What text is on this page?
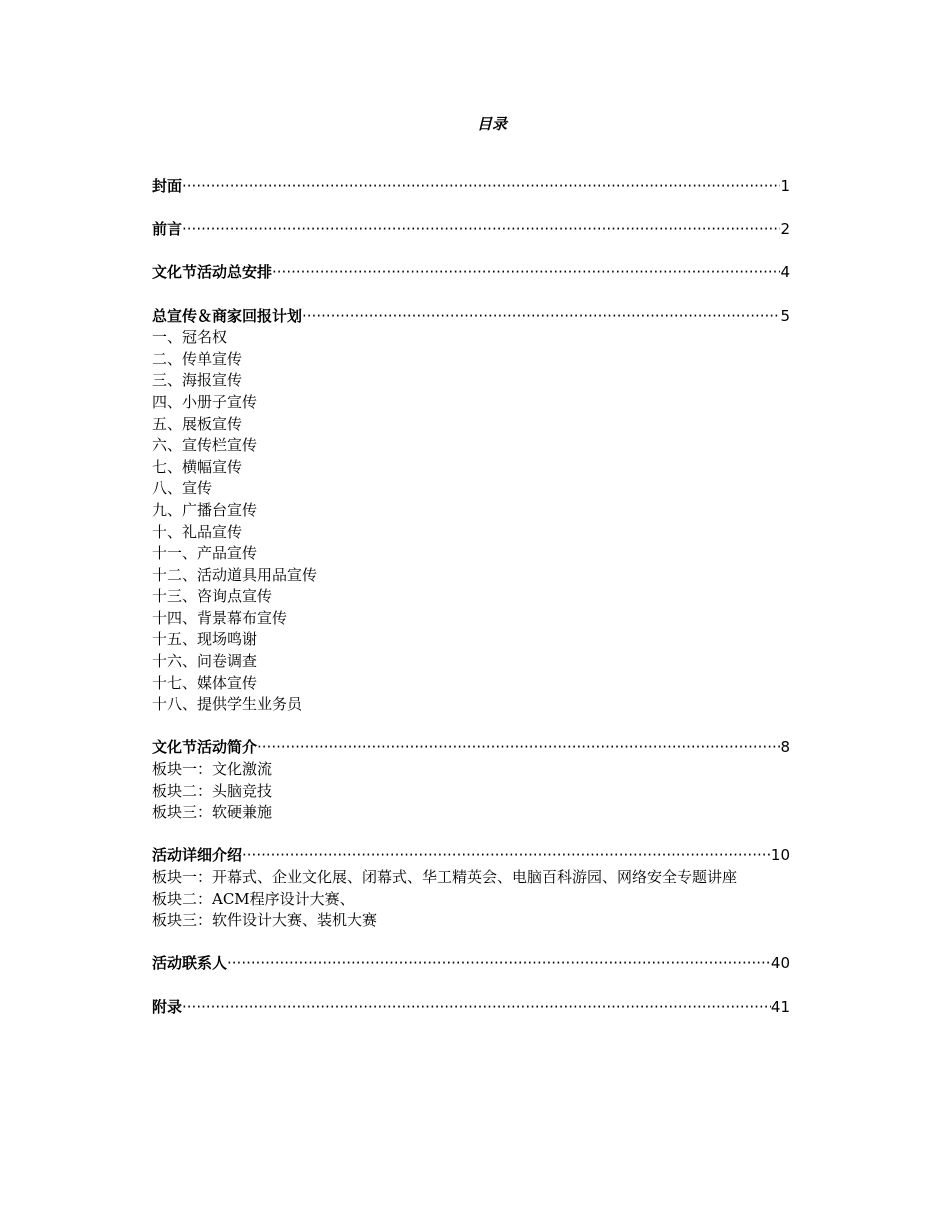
目录
封面 ·····	1
前言 ·····	2
文化节活动总安排 ·····	4
总宣传＆商家回报计划 ·····	5
一、冠名权
二、传单宣传
三、海报宣传
四、小册子宣传
五、展板宣传
六、宣传栏宣传
七、横幅宣传
八、宣传
九、广播台宣传
十、礼品宣传
十一、产品宣传
十二、活动道具用品宣传
十三、咨询点宣传
十四、背景幕布宣传
十五、现场鸣谢
十六、问卷调查
十七、媒体宣传
十八、提供学生业务员
文化节活动简介 ·····	8
板块一：文化激流
板块二：头脑竞技
板块三：软硬兼施
活动详细介绍 ·····	10
板块一：开幕式、企业文化展、闭幕式、华工精英会、电脑百科游园、网络安全专题讲座
板块二：ACM程序设计大赛、
板块三：软件设计大赛、装机大赛
活动联系人 ·····	40
附录 ·····	41
